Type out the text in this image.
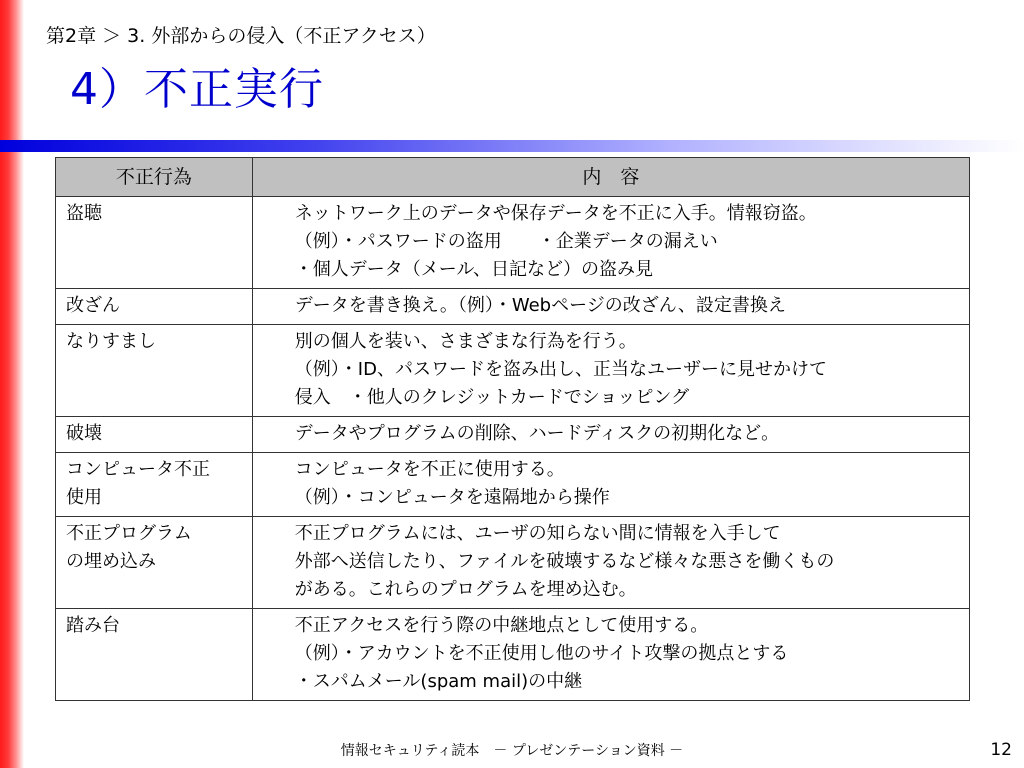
第2章 ＞ 3. 外部からの侵入（不正アクセス）
4）不正実行
不正行為	内　容

盗聴	ネットワーク上のデータや保存データを不正に入手。情報窃盗。
（例）・パスワードの盗用　　・企業データの漏えい
・個人データ（メール、日記など）の盗み見

改ざん	データを書き換え。（例）・Webページの改ざん、設定書換え

なりすまし	別の個人を装い、さまざまな行為を行う。
（例）・ID、パスワードを盗み出し、正当なユーザーに見せかけて
侵入　・他人のクレジットカードでショッピング

破壊	データやプログラムの削除、ハードディスクの初期化など。

コンピュータ不正
使用	コンピュータを不正に使用する。
（例）・コンピュータを遠隔地から操作

不正プログラム
の埋め込み	不正プログラムには、ユーザの知らない間に情報を入手して
外部へ送信したり、ファイルを破壊するなど様々な悪さを働くもの
がある。これらのプログラムを埋め込む。

踏み台	不正アクセスを行う際の中継地点として使用する。
（例）・アカウントを不正使用し他のサイト攻撃の拠点とする
・スパムメール(spam mail)の中継
情報セキュリティ読本　－ プレゼンテーション資料 －	12
